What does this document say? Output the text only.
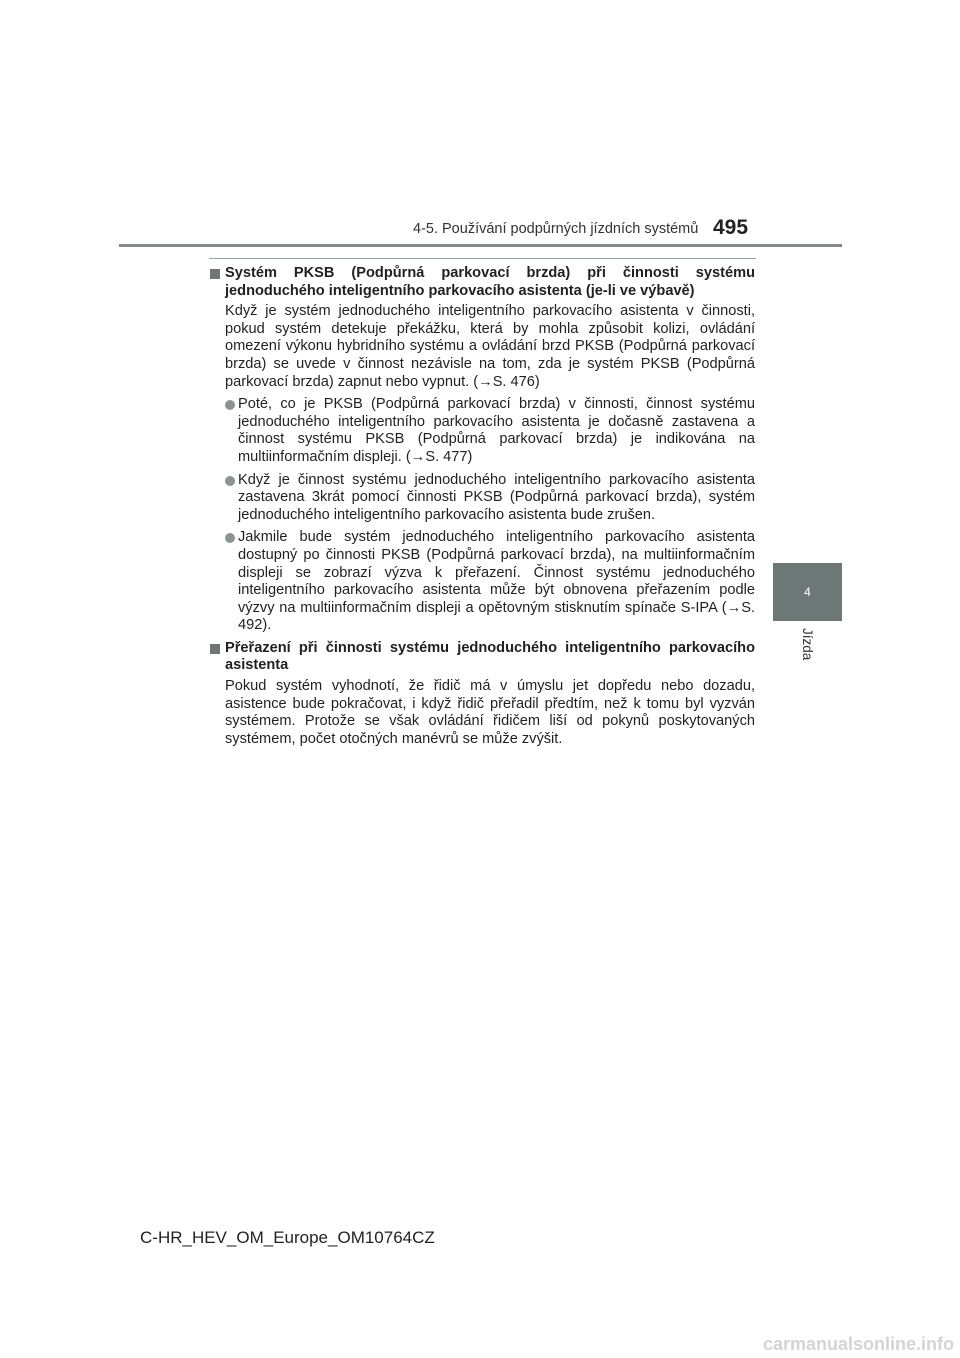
4-5. Používání podpůrných jízdních systémů 495
4
Jízda
Systém PKSB (Podpůrná parkovací brzda) při činnosti systému jednoduchého inteligentního parkovacího asistenta (je-li ve výbavě)
Když je systém jednoduchého inteligentního parkovacího asistenta v činnosti, pokud systém detekuje překážku, která by mohla způsobit kolizi, ovládání omezení výkonu hybridního systému a ovládání brzd PKSB (Podpůrná parkovací brzda) se uvede v činnost nezávisle na tom, zda je systém PKSB (Podpůrná parkovací brzda) zapnut nebo vypnut. (→S. 476)
Poté, co je PKSB (Podpůrná parkovací brzda) v činnosti, činnost systému jednoduchého inteligentního parkovacího asistenta je dočasně zastavena a činnost systému PKSB (Podpůrná parkovací brzda) je indikována na multiinformačním displeji. (→S. 477)
Když je činnost systému jednoduchého inteligentního parkovacího asistenta zastavena 3krát pomocí činnosti PKSB (Podpůrná parkovací brzda), systém jednoduchého inteligentního parkovacího asistenta bude zrušen.
Jakmile bude systém jednoduchého inteligentního parkovacího asistenta dostupný po činnosti PKSB (Podpůrná parkovací brzda), na multiinformačním displeji se zobrazí výzva k přeřazení. Činnost systému jednoduchého inteligentního parkovacího asistenta může být obnovena přeřazením podle výzvy na multiinformačním displeji a opětovným stisknutím spínače S-IPA (→S. 492).
Přeřazení při činnosti systému jednoduchého inteligentního parkovacího asistenta
Pokud systém vyhodnotí, že řidič má v úmyslu jet dopředu nebo dozadu, asistence bude pokračovat, i když řidič přeřadil předtím, než k tomu byl vyzván systémem. Protože se však ovládání řidičem liší od pokynů poskytovaných systémem, počet otočných manévrů se může zvýšit.
C-HR_HEV_OM_Europe_OM10764CZ
carmanualsonline.info
